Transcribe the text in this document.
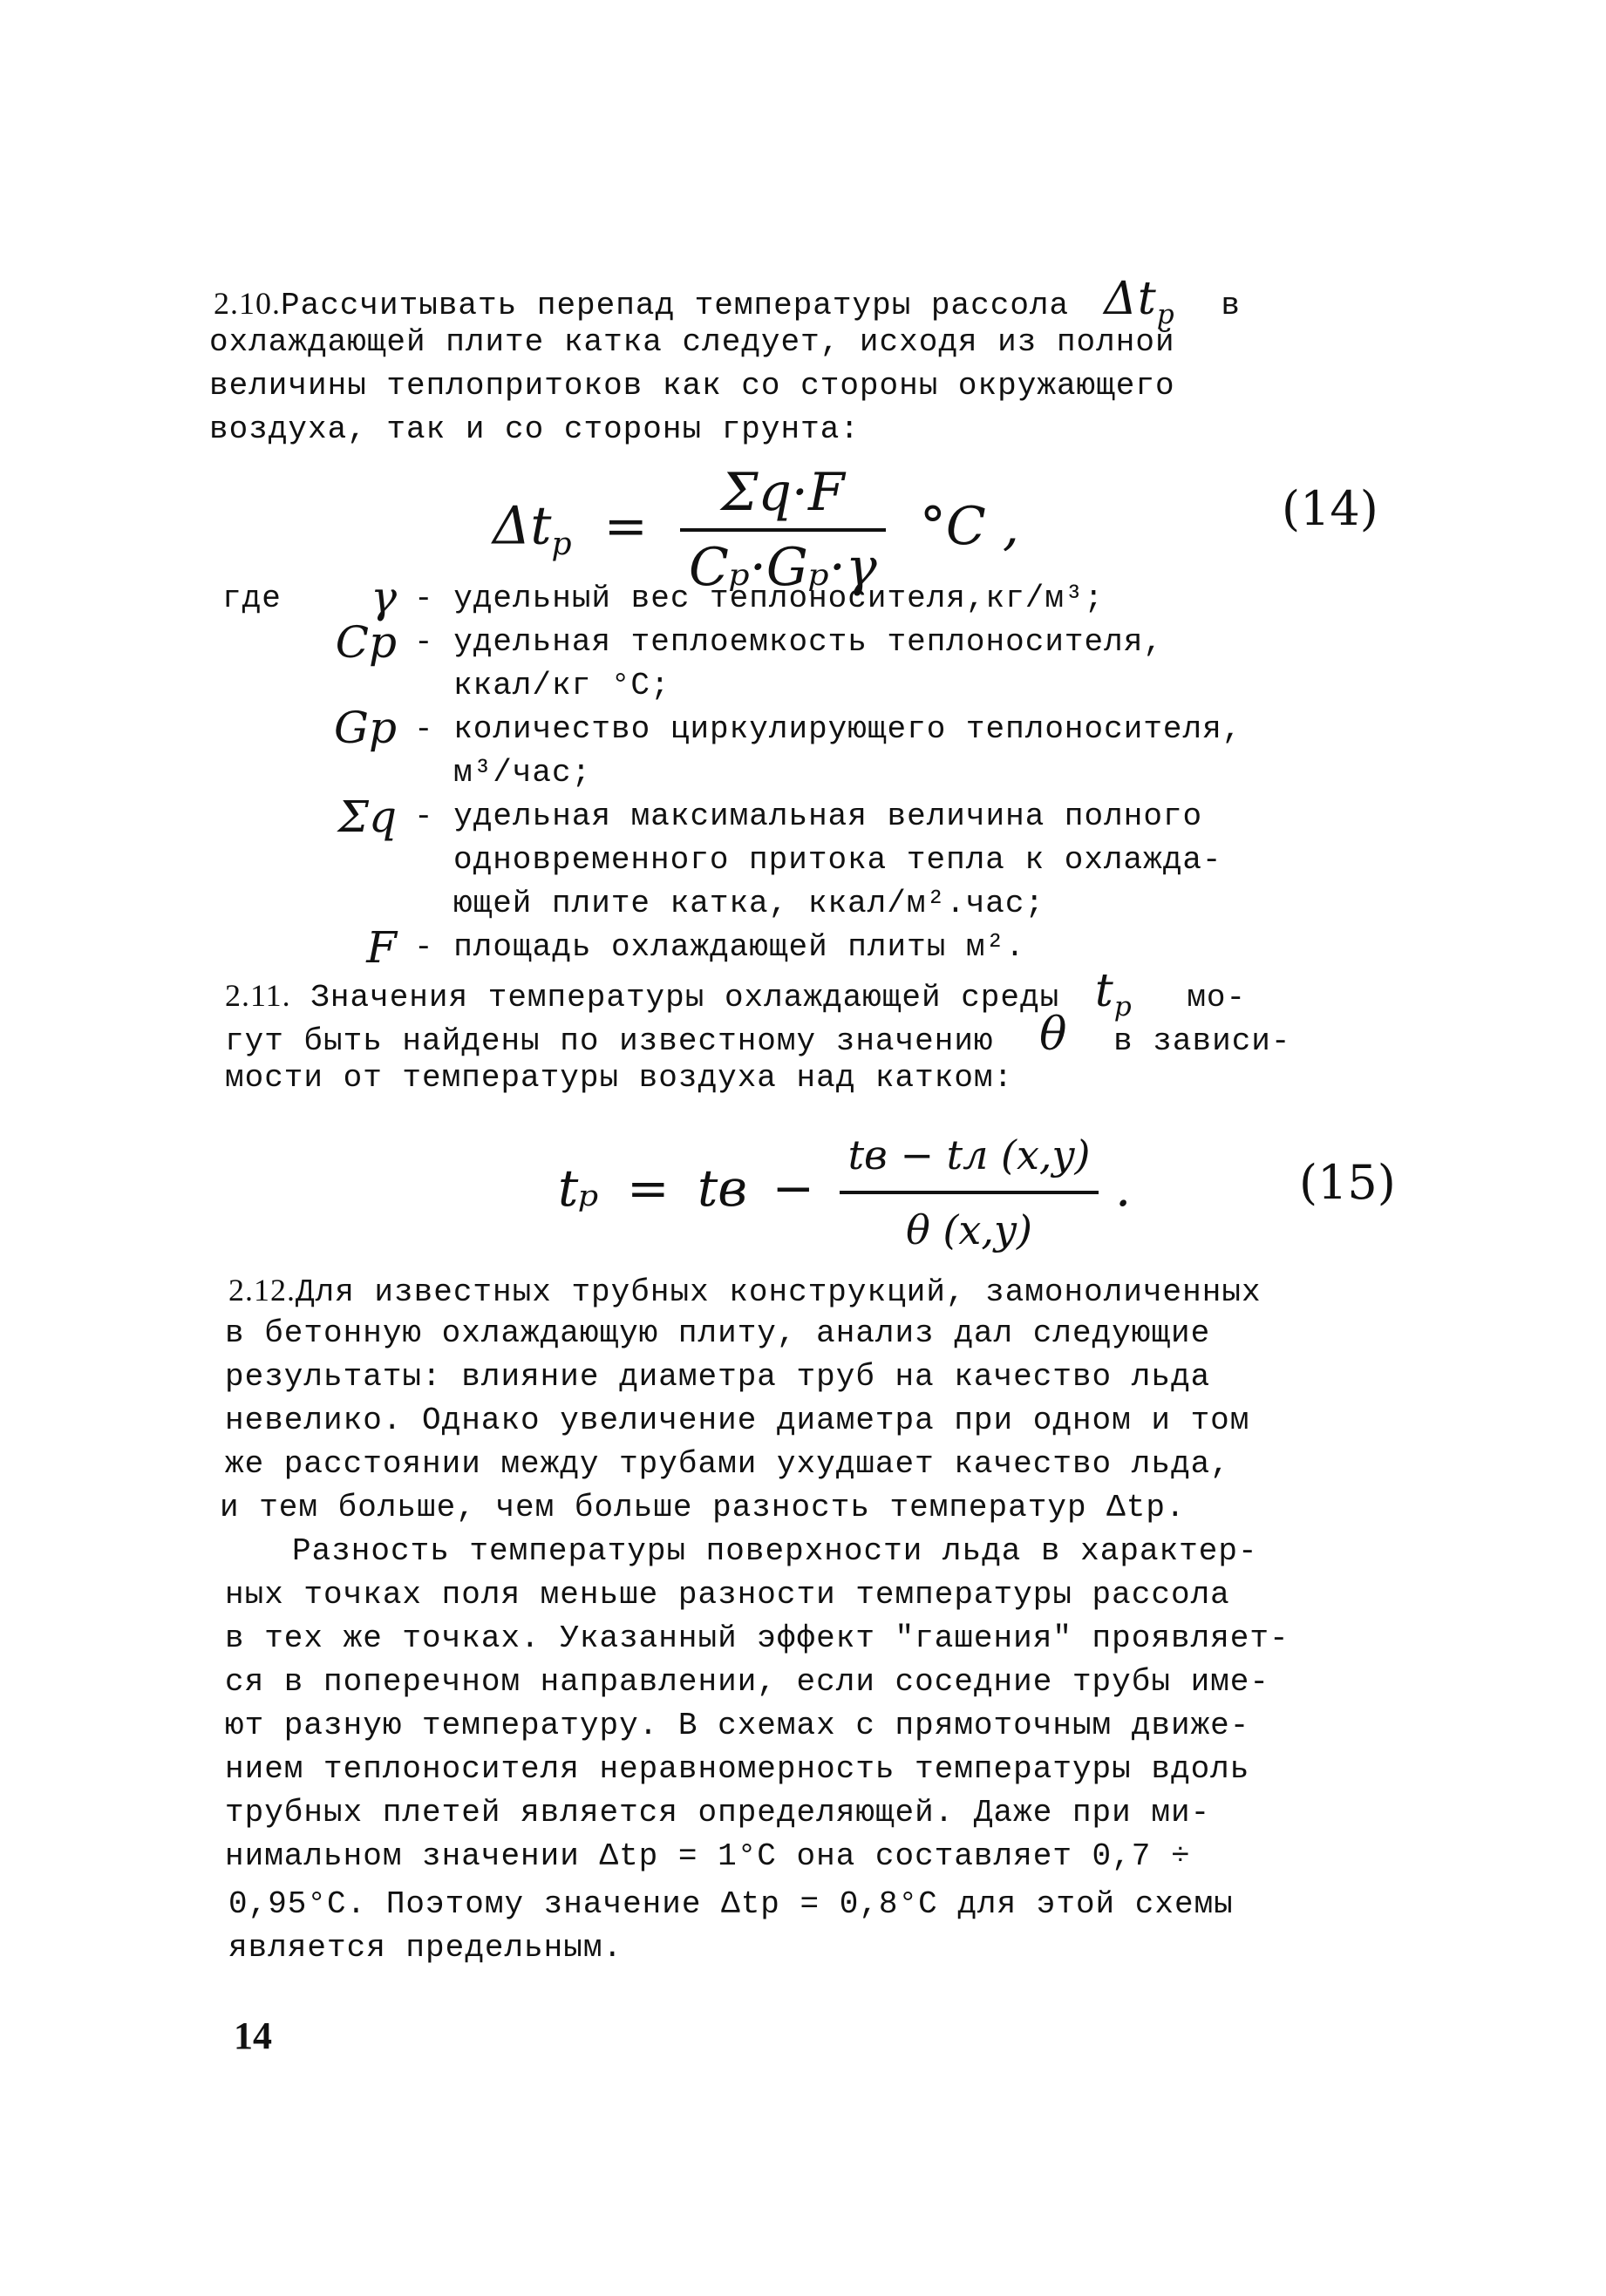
2.10.Рассчитывать перепад температуры рассола  $\Delta t_р$ в
охлаждающей плите катка следует, исходя из полной
величины теплопритоков как со стороны окружающего
воздуха, так и со стороны грунта:
$\Delta t_р = \frac{\Sigma q\cdot F}{\text{Cₚ·Gₚ·γ}} ^\circ C$ ,	(14)
где	γ - удельный вес теплоносителя,кг/м³;
Cр - удельная теплоемкость теплоносителя,
ккал/кг °C;
Gр - количество циркулирующего теплоносителя,
м³/час;
Σq - удельная максимальная величина полного
одновременного притока тепла к охлажда-
ющей плите катка, ккал/м².час;
F - площадь охлаждающей плиты м².
2.11. Значения температуры охлаждающей среды $t_р$ мо-
гут быть найдены по известному значению θ в зависи-
мости от температуры воздуха над катком:
tₚ = tв − $\frac{tв - tл (x,y)}{\theta (x,y)}$ .	(15)
2.12.Для известных трубных конструкций, замоноличенных
в бетонную охлаждающую плиту, анализ дал следующие
результаты: влияние диаметра труб на качество льда
невелико. Однако увеличение диаметра при одном и том
же расстоянии между трубами ухудшает качество льда,
и тем больше, чем больше разность температур Δtр.
Разность температуры поверхности льда в характер-
ных точках поля меньше разности температуры рассола
в тех же точках. Указанный эффект "гашения" проявляет-
ся в поперечном направлении, если соседние трубы име-
ют разную температуру. В схемах с прямоточным движе-
нием теплоносителя неравномерность температуры вдоль
трубных плетей является определяющей. Даже при ми-
нимальном значении Δtр = 1°C она составляет 0,7 ÷
0,95°C. Поэтому значение Δtр = 0,8°C для этой схемы
является предельным.
14
